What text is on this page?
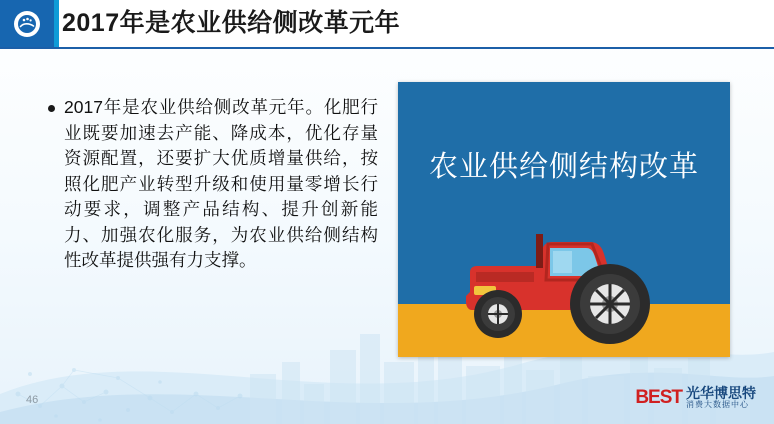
2017年是农业供给侧改革元年
2017年是农业供给侧改革元年。化肥行业既要加速去产能、降成本，优化存量资源配置，还要扩大优质增量供给，按照化肥产业转型升级和使用量零增长行动要求，调整产品结构、提升创新能力、加强农化服务，为农业供给侧结构性改革提供强有力支撑。
农业供给侧结构改革
46	BEST 光华博思特
消费大数据中心
